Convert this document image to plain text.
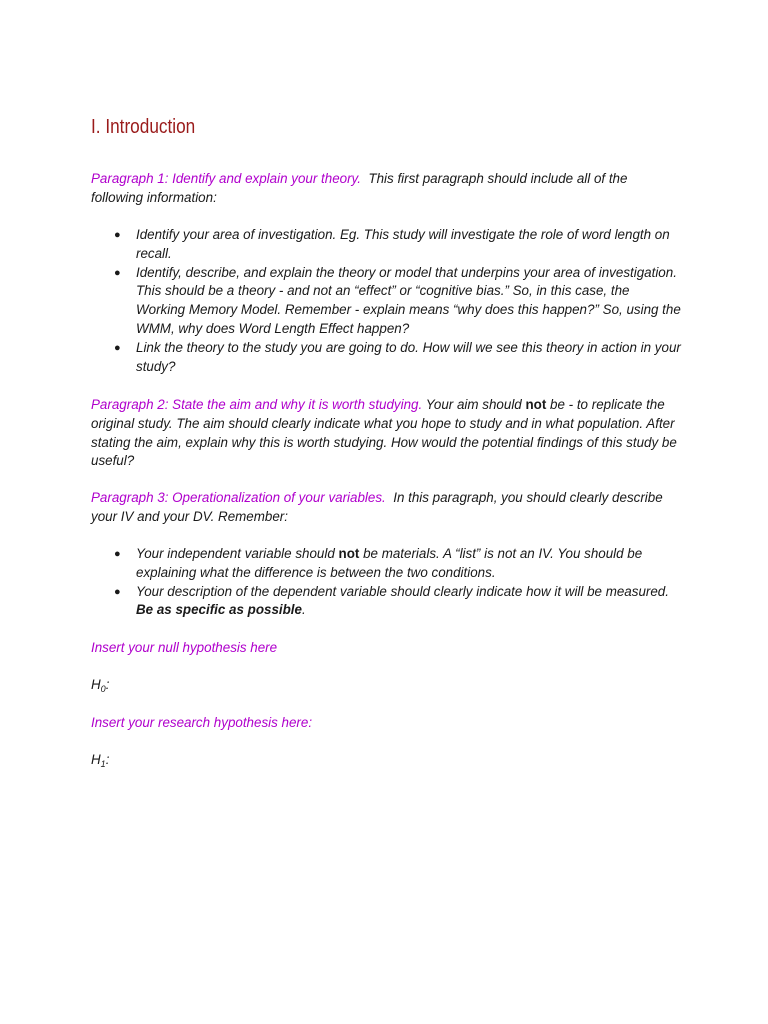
I. Introduction
Paragraph 1: Identify and explain your theory. This first paragraph should include all of the following information:
● Identify your area of investigation. Eg. This study will investigate the role of word length on recall.
● Identify, describe, and explain the theory or model that underpins your area of investigation. This should be a theory - and not an “effect” or “cognitive bias.” So, in this case, the Working Memory Model. Remember - explain means “why does this happen?” So, using the WMM, why does Word Length Effect happen?
● Link the theory to the study you are going to do. How will we see this theory in action in your study?
Paragraph 2: State the aim and why it is worth studying. Your aim should not be - to replicate the original study. The aim should clearly indicate what you hope to study and in what population. After stating the aim, explain why this is worth studying. How would the potential findings of this study be useful?
Paragraph 3: Operationalization of your variables. In this paragraph, you should clearly describe your IV and your DV. Remember:
● Your independent variable should not be materials. A “list” is not an IV. You should be explaining what the difference is between the two conditions.
● Your description of the dependent variable should clearly indicate how it will be measured. Be as specific as possible.
Insert your null hypothesis here
$H_0$:
Insert your research hypothesis here:
$H_1$:
